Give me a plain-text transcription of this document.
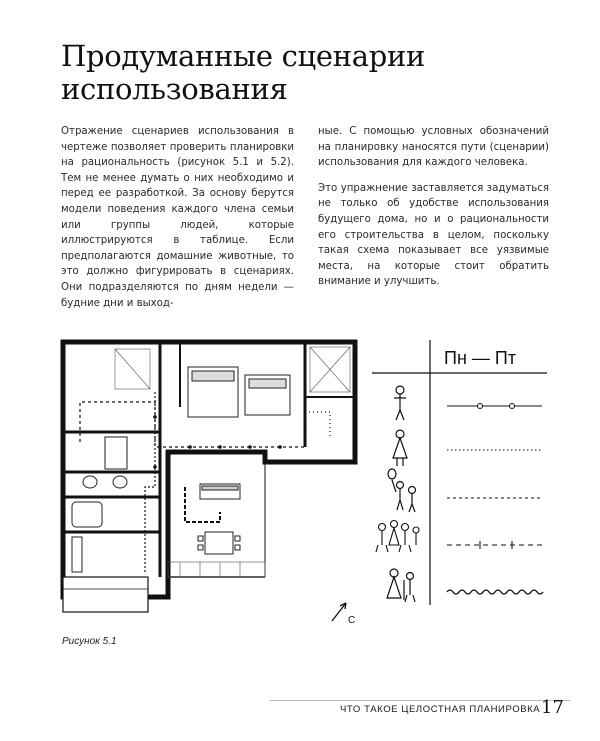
Продуманные сценарии использования

Отражение сценариев использования в чертеже позволяет проверить планировки на рациональность (рисунок 5.1 и 5.2). Тем не менее думать о них необходимо и перед ее разработкой. За основу берутся модели поведения каждого члена семьи или группы людей, которые иллюстрируются в таблице. Если предполагаются домашние животные, то это должно фигурировать в сценариях. Они подразделяются по дням недели — будние дни и выход-

ные. С помощью условных обозначений на планировку наносятся пути (сценарии) использования для каждого человека.

Это упражнение заставляется задуматься не только об удобстве использования будущего дома, но и о рациональности его строительства в целом, поскольку такая схема показывает все уязвимые места, на которые стоит обратить внимание и улучшить.

Пн — Пт
С
Рисунок 5.1
ЧТО ТАКОЕ ЦЕЛОСТНАЯ ПЛАНИРОВКА 17
